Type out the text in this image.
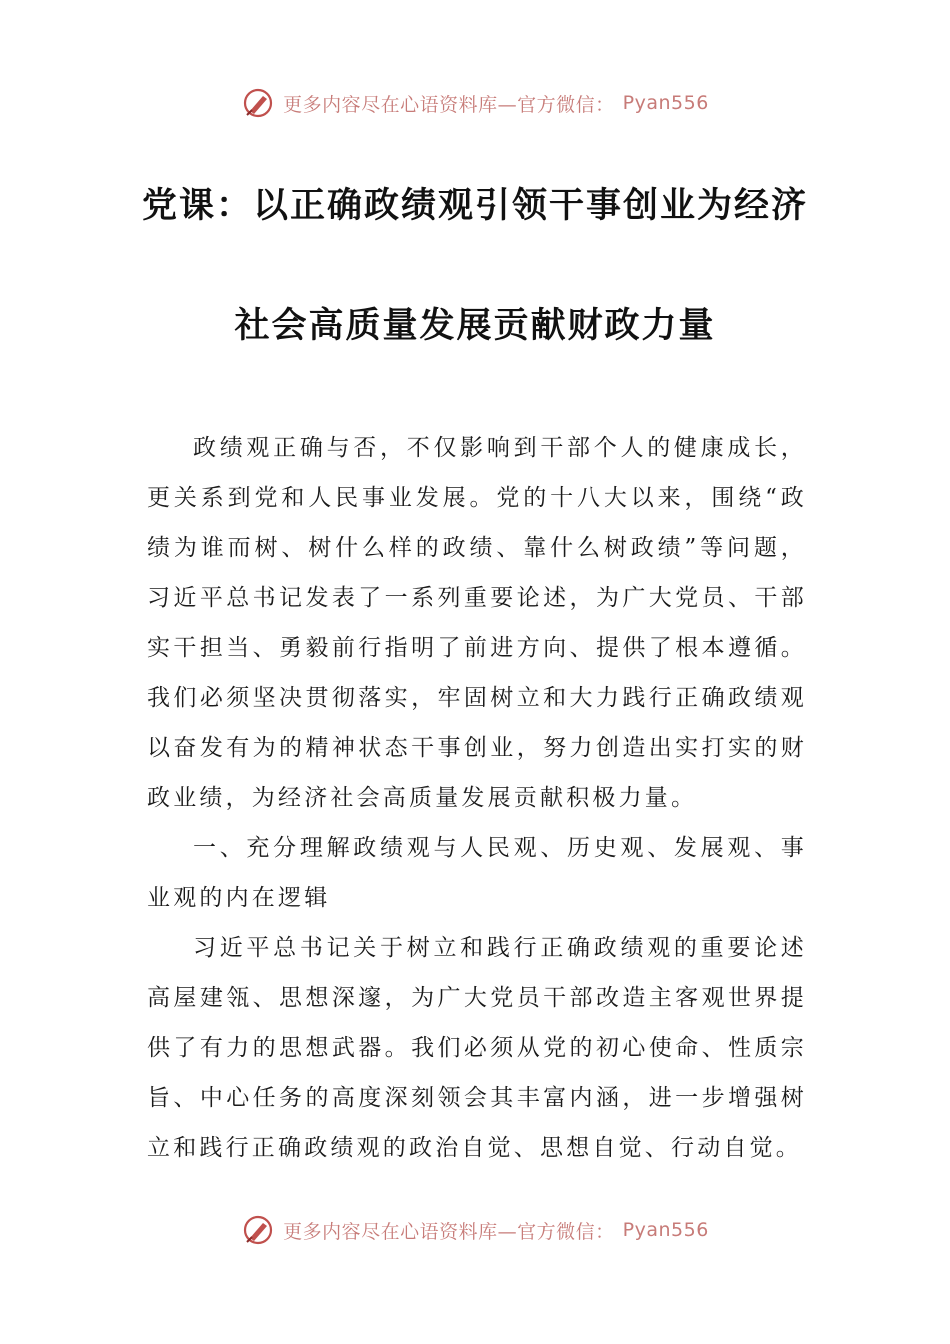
更多内容尽在心语资料库—官方微信： Pyan556
党课：以正确政绩观引领干事创业为经济
社会高质量发展贡献财政力量

政绩观正确与否，不仅影响到干部个人的健康成长，更关系到党和人民事业发展。党的十八大以来，围绕“政绩为谁而树、树什么样的政绩、靠什么树政绩”等问题，习近平总书记发表了一系列重要论述，为广大党员、干部实干担当、勇毅前行指明了前进方向、提供了根本遵循。我们必须坚决贯彻落实，牢固树立和大力践行正确政绩观以奋发有为的精神状态干事创业，努力创造出实打实的财政业绩，为经济社会高质量发展贡献积极力量。

一、充分理解政绩观与人民观、历史观、发展观、事业观的内在逻辑

习近平总书记关于树立和践行正确政绩观的重要论述高屋建瓴、思想深邃，为广大党员干部改造主客观世界提供了有力的思想武器。我们必须从党的初心使命、性质宗旨、中心任务的高度深刻领会其丰富内涵，进一步增强树立和践行正确政绩观的政治自觉、思想自觉、行动自觉。

更多内容尽在心语资料库—官方微信： Pyan556
